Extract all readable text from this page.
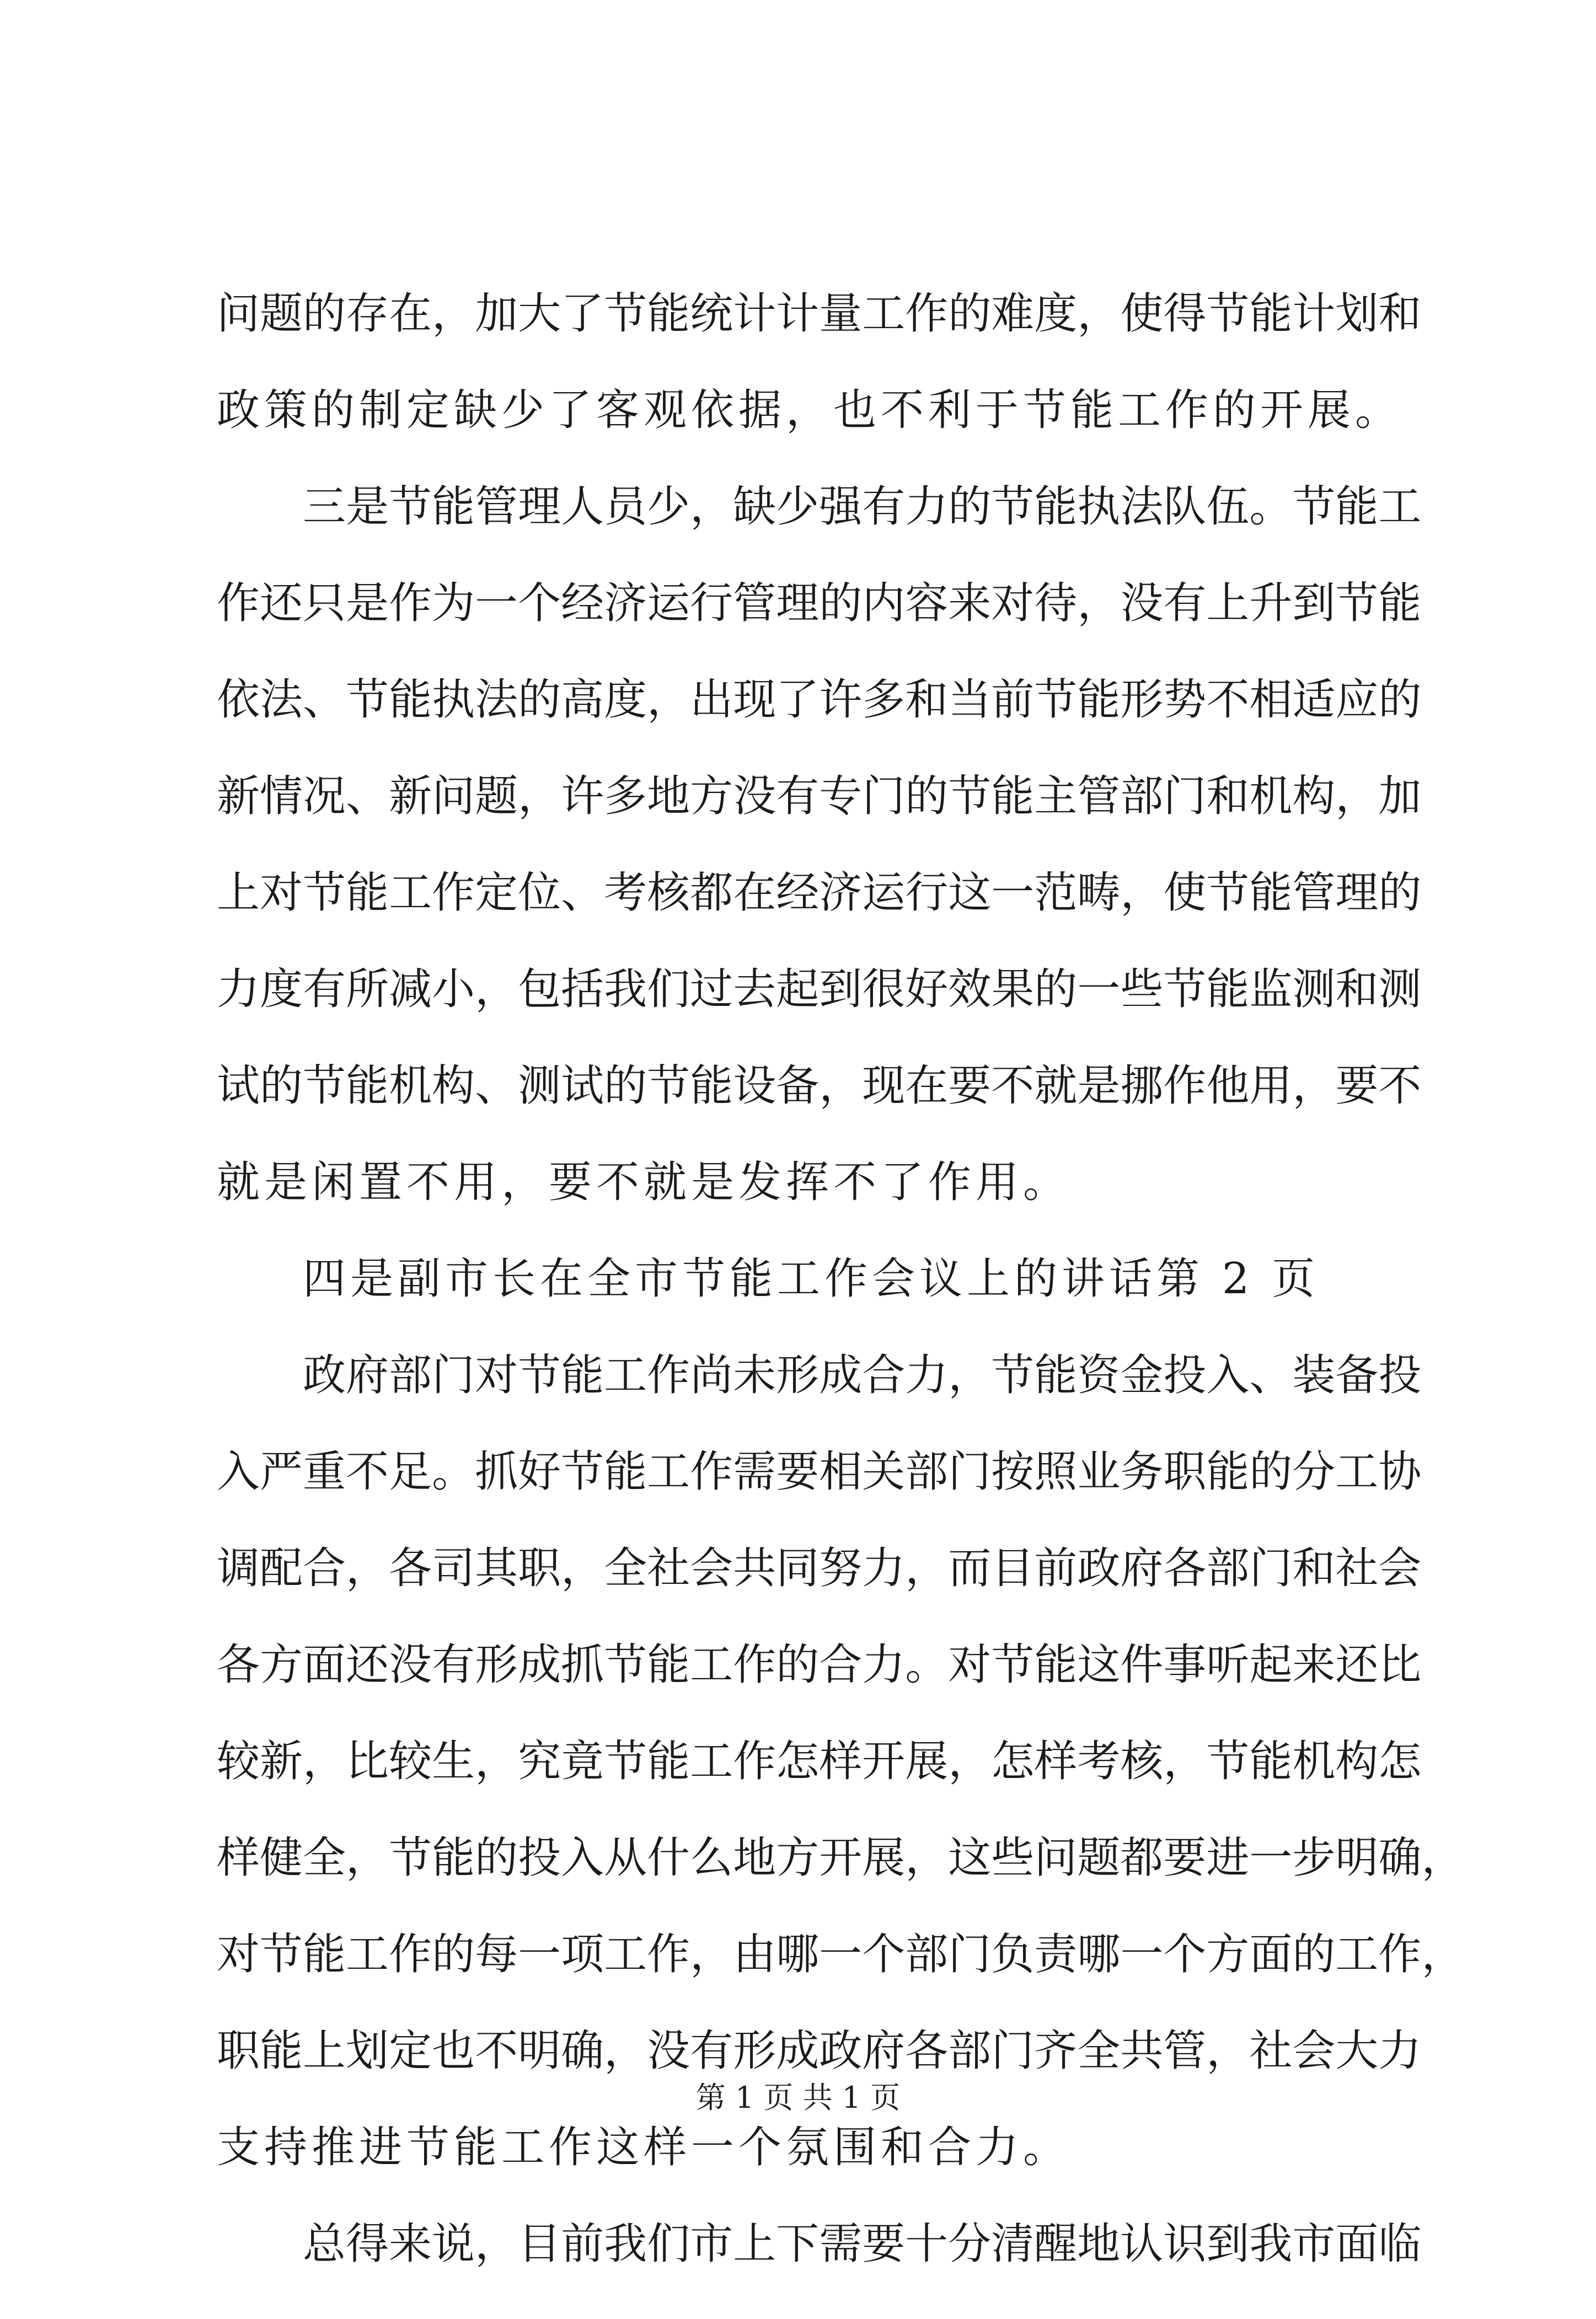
问 题 的 存 在 ， 加 大 了 节 能 统 计 计 量 工 作 的 难 度 ， 使 得 节 能 计 划 和
政策的制定缺少了客观依据，也不利于节能工作的开展。
三 是 节 能 管 理 人 员 少 ， 缺 少 强 有 力 的 节 能 执 法 队 伍 。 节 能 工
作 还 只 是 作 为 一 个 经 济 运 行 管 理 的 内 容 来 对 待 ， 没 有 上 升 到 节 能
依 法 、 节 能 执 法 的 高 度 ， 出 现 了 许 多 和 当 前 节 能 形 势 不 相 适 应 的
新 情 况 、 新 问 题 ， 许 多 地 方 没 有 专 门 的 节 能 主 管 部 门 和 机 构 ， 加
上 对 节 能 工 作 定 位 、 考 核 都 在 经 济 运 行 这 一 范 畴 ， 使 节 能 管 理 的
力 度 有 所 减 小 ， 包 括 我 们 过 去 起 到 很 好 效 果 的 一 些 节 能 监 测 和 测
试 的 节 能 机 构 、 测 试 的 节 能 设 备 ， 现 在 要 不 就 是 挪 作 他 用 ， 要 不
就是闲置不用，要不就是发挥不了作用。
四是副市长在全市节能工作会议上的讲话第 2 页
政 府 部 门 对 节 能 工 作 尚 未 形 成 合 力 ， 节 能 资 金 投 入 、 装 备 投
入 严 重 不 足 。 抓 好 节 能 工 作 需 要 相 关 部 门 按 照 业 务 职 能 的 分 工 协
调 配 合 ， 各 司 其 职 ， 全 社 会 共 同 努 力 ， 而 目 前 政 府 各 部 门 和 社 会
各 方 面 还 没 有 形 成 抓 节 能 工 作 的 合 力 。 对 节 能 这 件 事 听 起 来 还 比
较 新 ， 比 较 生 ， 究 竟 节 能 工 作 怎 样 开 展 ， 怎 样 考 核 ， 节 能 机 构 怎
样 健 全 ， 节 能 的 投 入 从 什 么 地 方 开 展 ， 这 些 问 题 都 要 进 一 步 明 确 ，
对 节 能 工 作 的 每 一 项 工 作 ， 由 哪 一 个 部 门 负 责 哪 一 个 方 面 的 工 作 ，
职 能 上 划 定 也 不 明 确 ， 没 有 形 成 政 府 各 部 门 齐 全 共 管 ， 社 会 大 力
支持推进节能工作这样一个氛围和合力。
总 得 来 说 ， 目 前 我 们 市 上 下 需 要 十 分 清 醒 地 认 识 到 我 市 面 临
第 1 页 共 1 页
